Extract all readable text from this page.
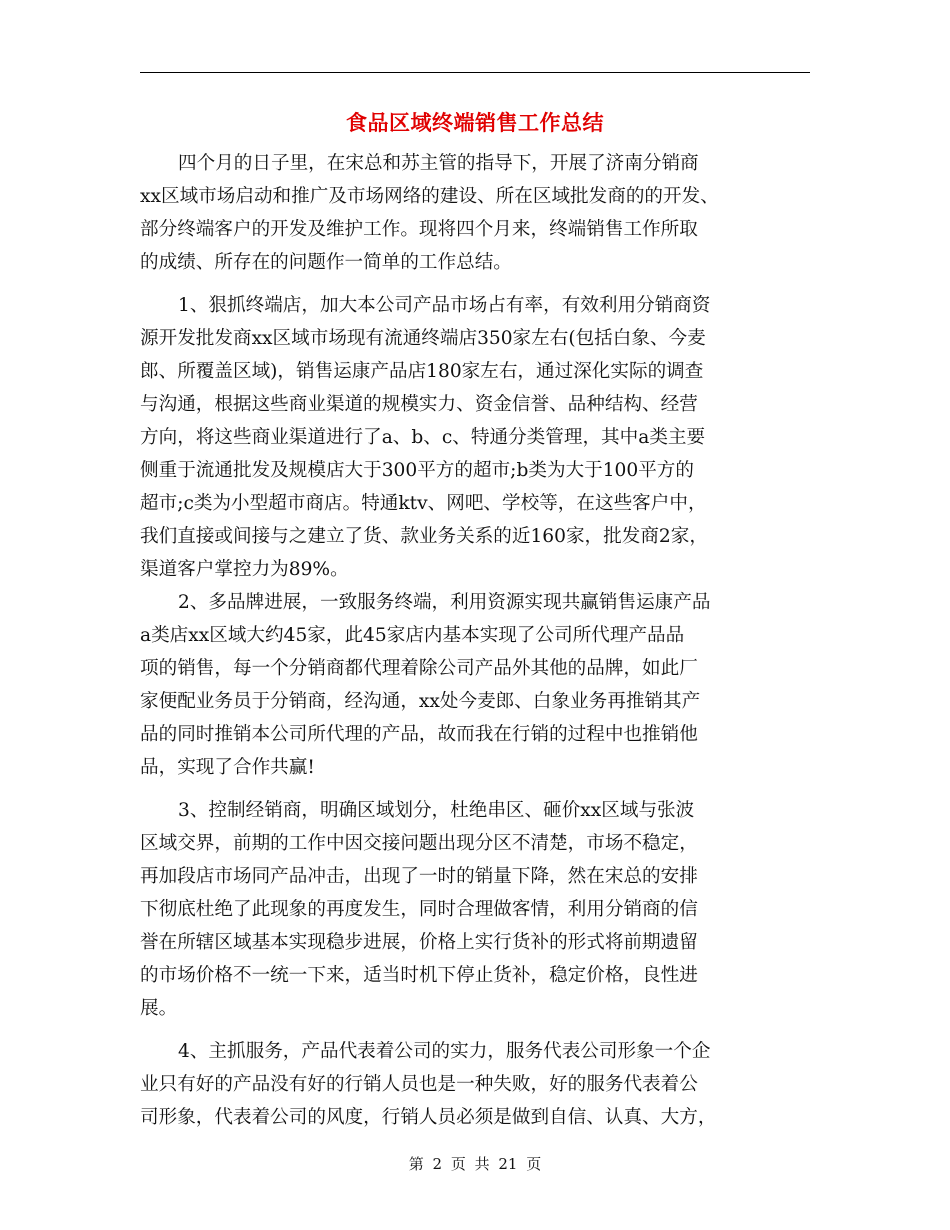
食品区域终端销售工作总结
四个月的日子里，在宋总和苏主管的指导下，开展了济南分销商
xx区域市场启动和推广及市场网络的建设、所在区域批发商的的开发、
部分终端客户的开发及维护工作。现将四个月来，终端销售工作所取
的成绩、所存在的问题作一简单的工作总结。
1、狠抓终端店，加大本公司产品市场占有率，有效利用分销商资
源开发批发商xx区域市场现有流通终端店350家左右(包括白象、今麦
郎、所覆盖区域)，销售运康产品店180家左右，通过深化实际的调查
与沟通，根据这些商业渠道的规模实力、资金信誉、品种结构、经营
方向，将这些商业渠道进行了a、b、c、特通分类管理，其中a类主要
侧重于流通批发及规模店大于300平方的超市;b类为大于100平方的
超市;c类为小型超市商店。特通ktv、网吧、学校等，在这些客户中，
我们直接或间接与之建立了货、款业务关系的近160家，批发商2家，
渠道客户掌控力为89%。
2、多品牌进展，一致服务终端，利用资源实现共赢销售运康产品
a类店xx区域大约45家，此45家店内基本实现了公司所代理产品品
项的销售，每一个分销商都代理着除公司产品外其他的品牌，如此厂
家便配业务员于分销商，经沟通，xx处今麦郎、白象业务再推销其产
品的同时推销本公司所代理的产品，故而我在行销的过程中也推销他
品，实现了合作共赢!
3、控制经销商，明确区域划分，杜绝串区、砸价xx区域与张波
区域交界，前期的工作中因交接问题出现分区不清楚，市场不稳定，
再加段店市场同产品冲击，出现了一时的销量下降，然在宋总的安排
下彻底杜绝了此现象的再度发生，同时合理做客情，利用分销商的信
誉在所辖区域基本实现稳步进展，价格上实行货补的形式将前期遗留
的市场价格不一统一下来，适当时机下停止货补，稳定价格，良性进
展。
4、主抓服务，产品代表着公司的实力，服务代表公司形象一个企
业只有好的产品没有好的行销人员也是一种失败，好的服务代表着公
司形象，代表着公司的风度，行销人员必须是做到自信、认真、大方，
第 2 页 共 21 页
